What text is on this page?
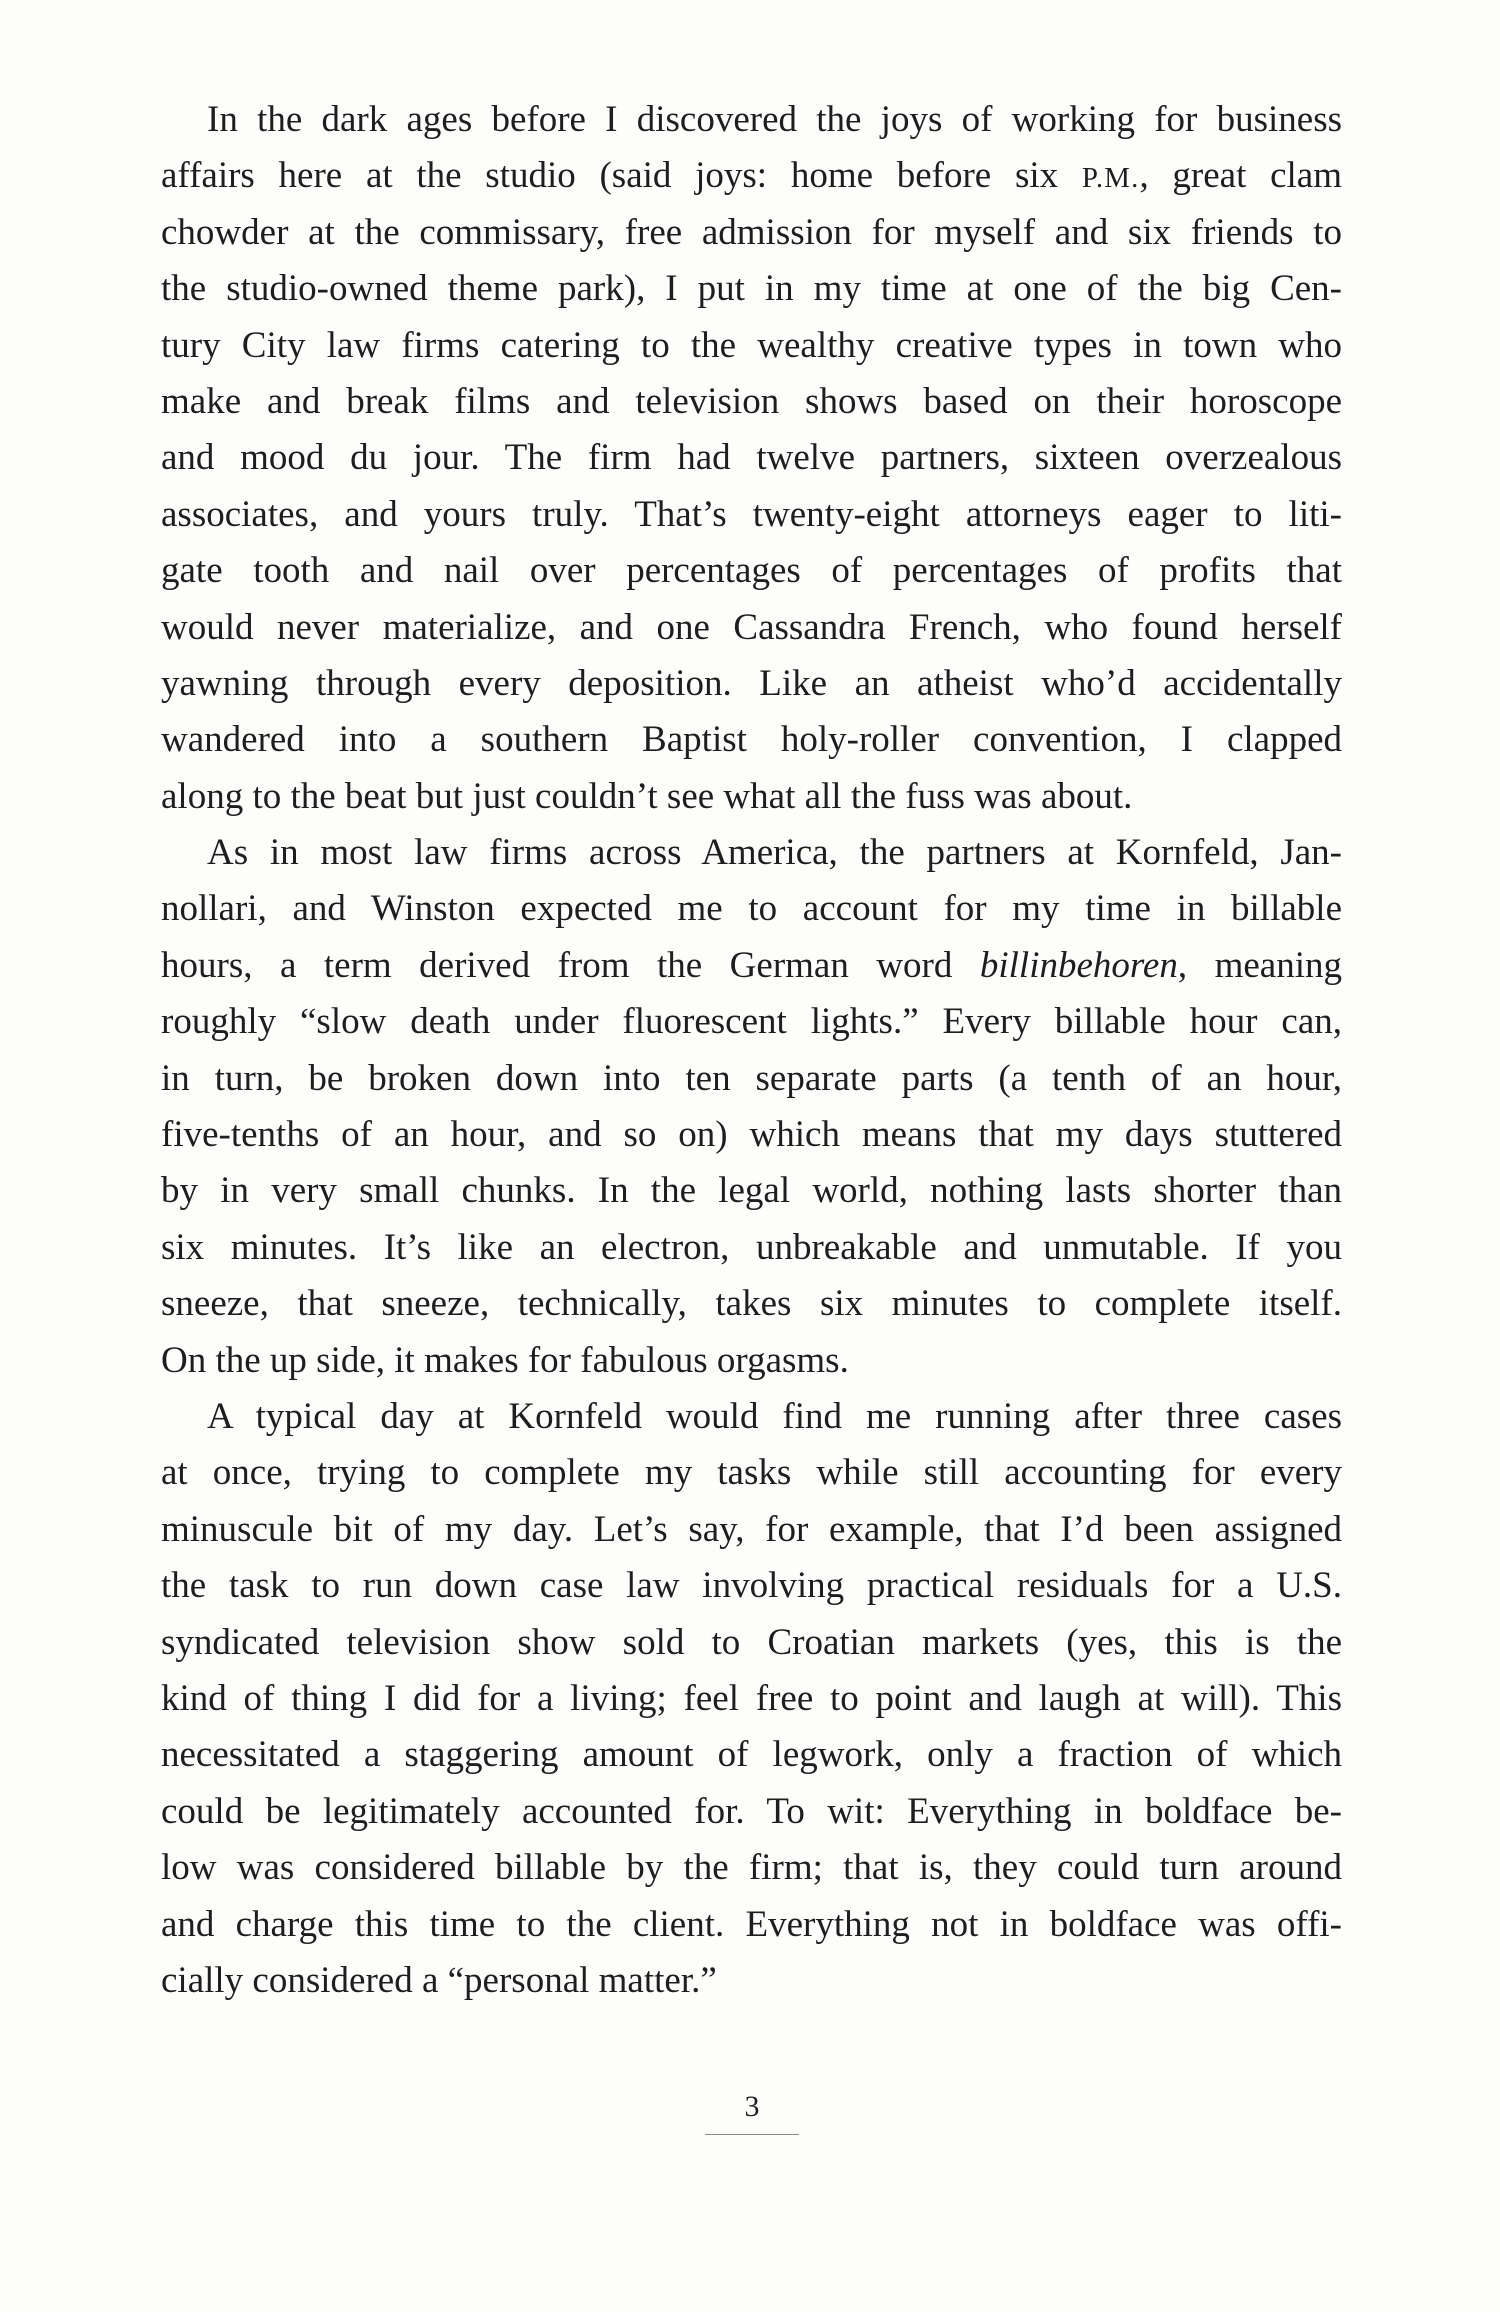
In the dark ages before I discovered the joys of working for business
affairs here at the studio (said joys: home before six P.M., great clam
chowder at the commissary, free admission for myself and six friends to
the studio-owned theme park), I put in my time at one of the big Cen-
tury City law firms catering to the wealthy creative types in town who
make and break films and television shows based on their horoscope
and mood du jour. The firm had twelve partners, sixteen overzealous
associates, and yours truly. That’s twenty-eight attorneys eager to liti-
gate tooth and nail over percentages of percentages of profits that
would never materialize, and one Cassandra French, who found herself
yawning through every deposition. Like an atheist who’d accidentally
wandered into a southern Baptist holy-roller convention, I clapped
along to the beat but just couldn’t see what all the fuss was about.
As in most law firms across America, the partners at Kornfeld, Jan-
nollari, and Winston expected me to account for my time in billable
hours, a term derived from the German word billinbehoren, meaning
roughly “slow death under fluorescent lights.” Every billable hour can,
in turn, be broken down into ten separate parts (a tenth of an hour,
five-tenths of an hour, and so on) which means that my days stuttered
by in very small chunks. In the legal world, nothing lasts shorter than
six minutes. It’s like an electron, unbreakable and unmutable. If you
sneeze, that sneeze, technically, takes six minutes to complete itself.
On the up side, it makes for fabulous orgasms.
A typical day at Kornfeld would find me running after three cases
at once, trying to complete my tasks while still accounting for every
minuscule bit of my day. Let’s say, for example, that I’d been assigned
the task to run down case law involving practical residuals for a U.S.
syndicated television show sold to Croatian markets (yes, this is the
kind of thing I did for a living; feel free to point and laugh at will). This
necessitated a staggering amount of legwork, only a fraction of which
could be legitimately accounted for. To wit: Everything in boldface be-
low was considered billable by the firm; that is, they could turn around
and charge this time to the client. Everything not in boldface was offi-
cially considered a “personal matter.”
3
